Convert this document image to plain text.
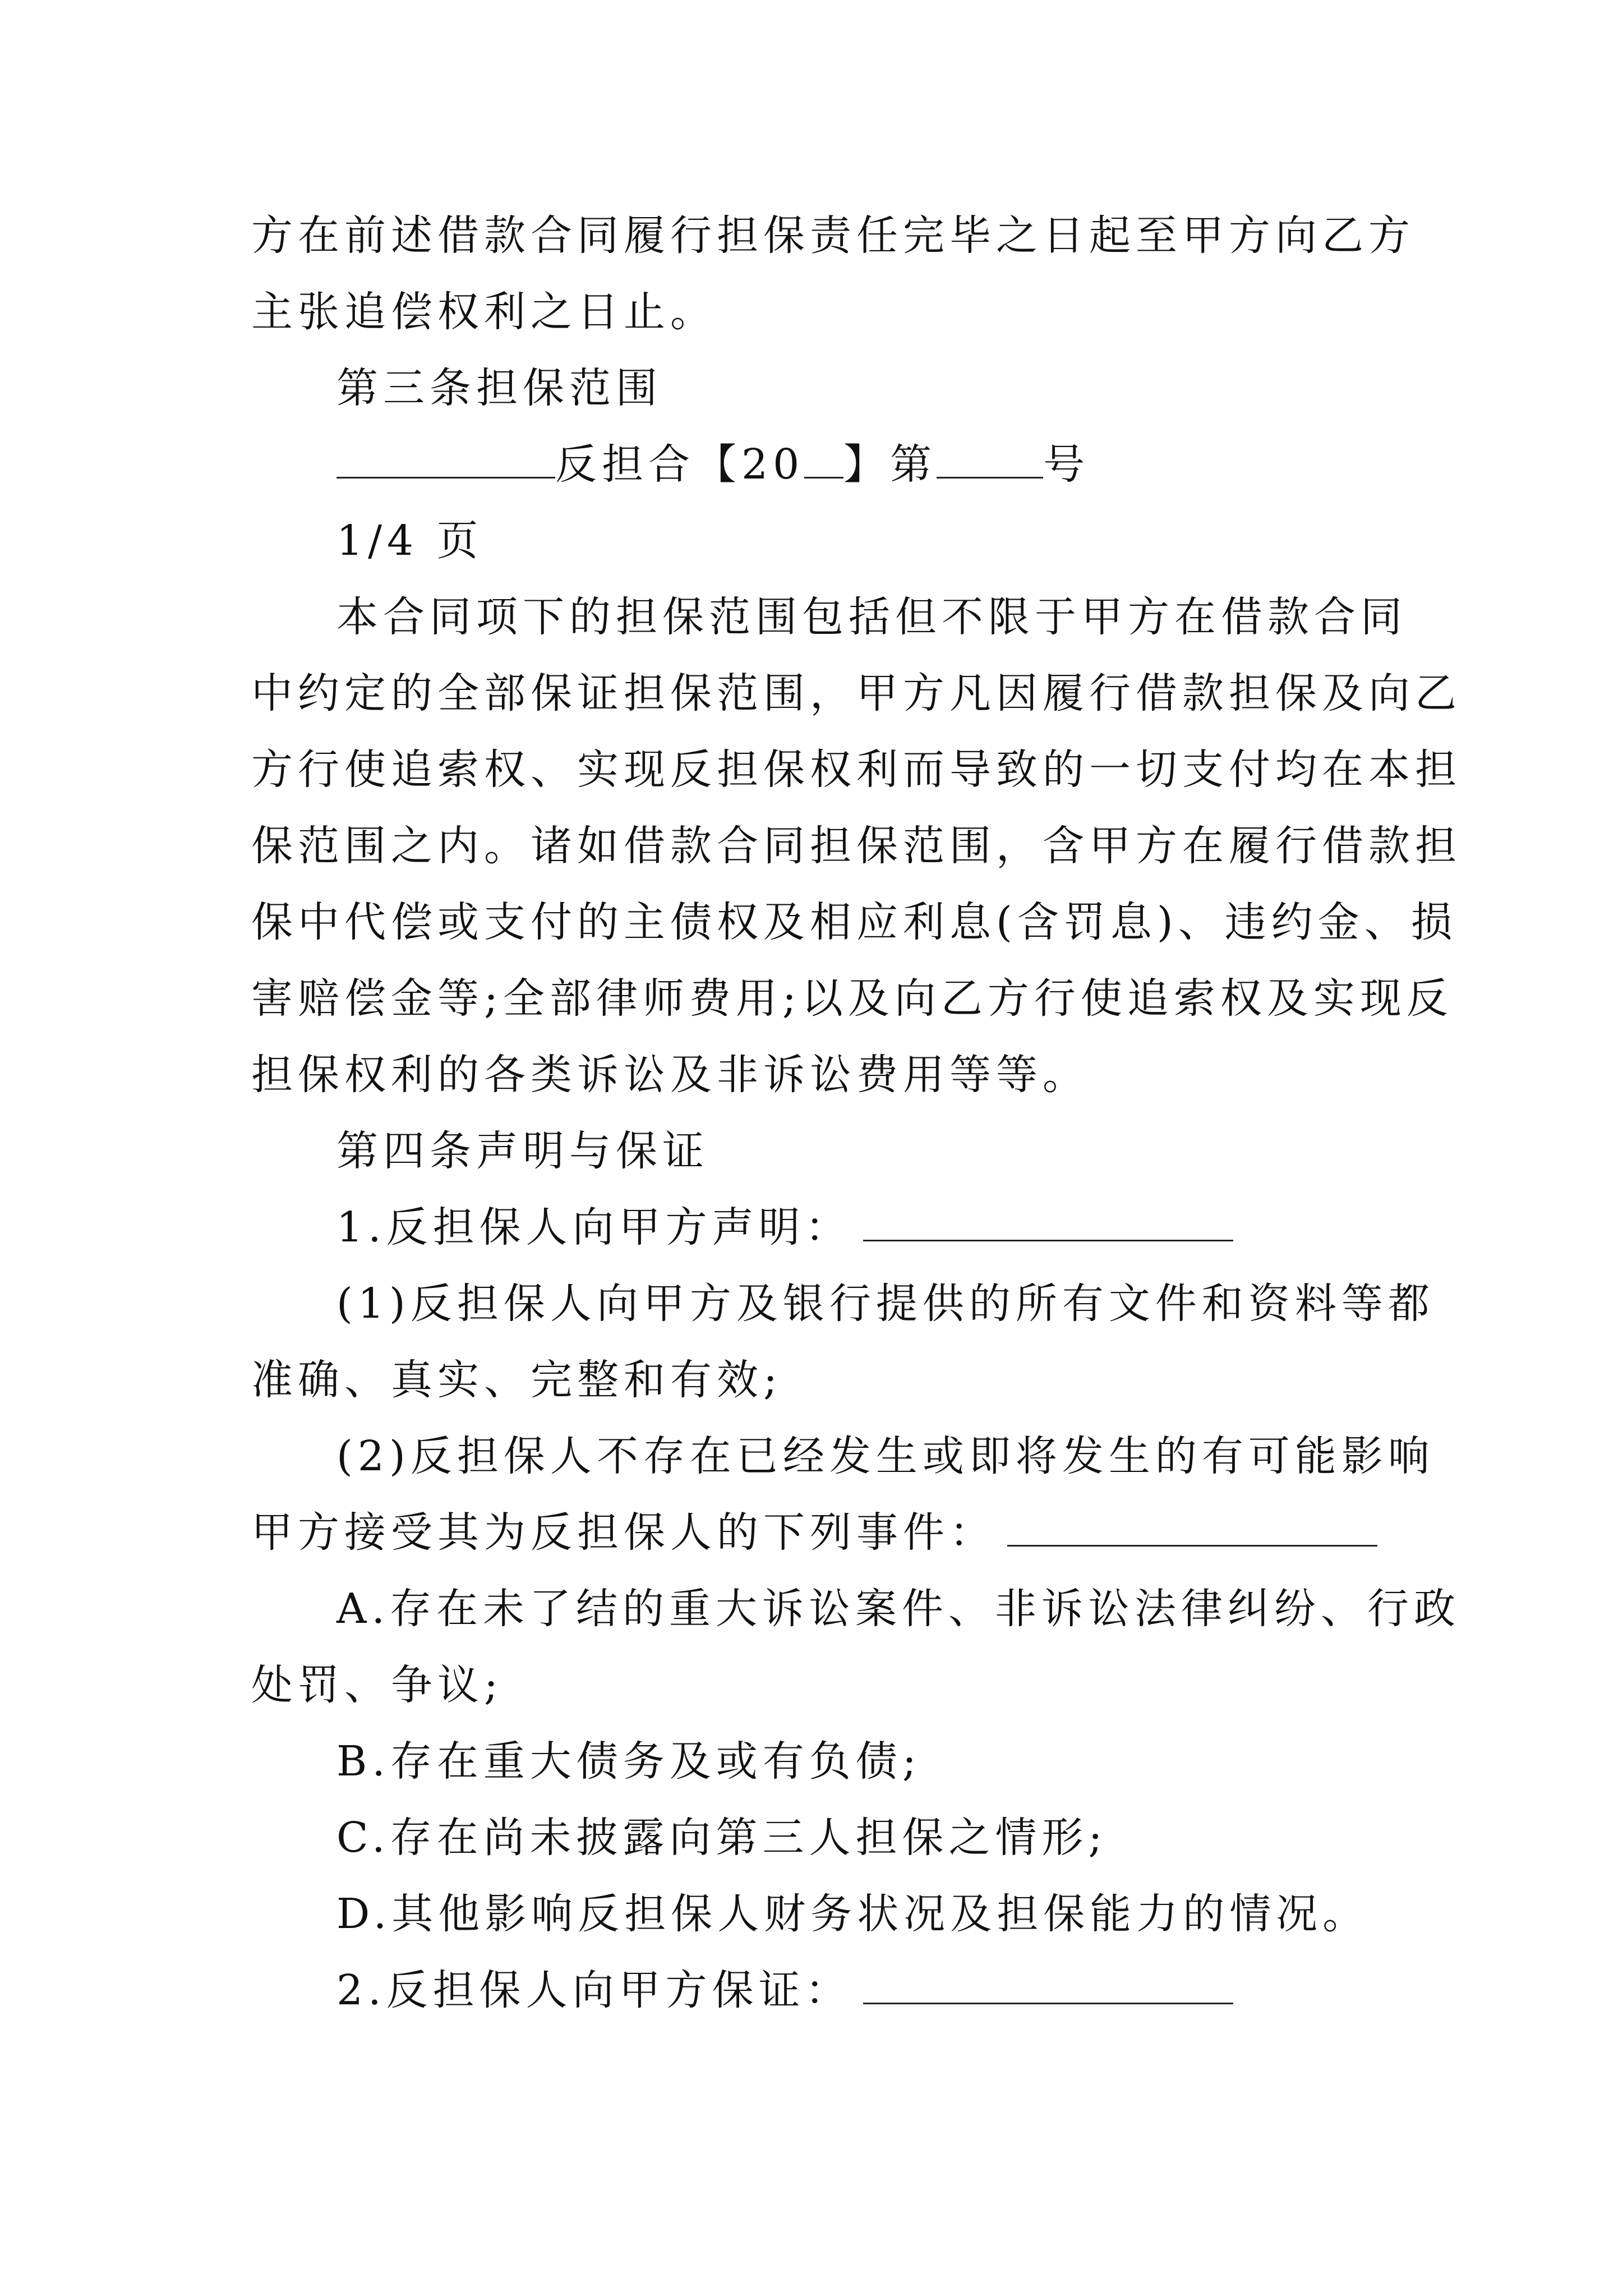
方在前述借款合同履行担保责任完毕之日起至甲方向乙方
主张追偿权利之日止。
第三条担保范围
反担合【20 】第	号
1/4 页
本合同项下的担保范围包括但不限于甲方在借款合同
中约定的全部保证担保范围，甲方凡因履行借款担保及向乙
方行使追索权、实现反担保权利而导致的一切支付均在本担
保范围之内。诸如借款合同担保范围，含甲方在履行借款担
保中代偿或支付的主债权及相应利息(含罚息)、违约金、损
害赔偿金等;全部律师费用;以及向乙方行使追索权及实现反
担保权利的各类诉讼及非诉讼费用等等。
第四条声明与保证
1.反担保人向甲方声明：
(1)反担保人向甲方及银行提供的所有文件和资料等都
准确、真实、完整和有效;
(2)反担保人不存在已经发生或即将发生的有可能影响
甲方接受其为反担保人的下列事件：
A.存在未了结的重大诉讼案件、非诉讼法律纠纷、行政
处罚、争议;
B.存在重大债务及或有负债;
C.存在尚未披露向第三人担保之情形;
D.其他影响反担保人财务状况及担保能力的情况。
2.反担保人向甲方保证：
